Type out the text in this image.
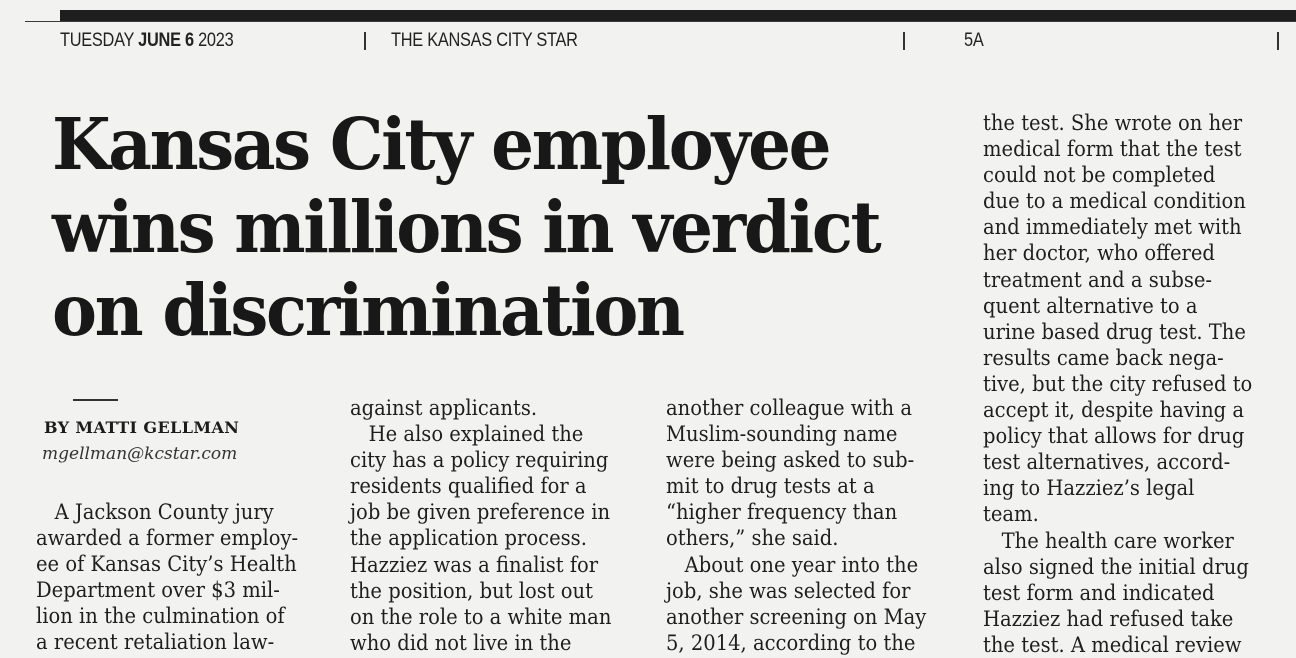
TUESDAY JUNE 6 2023	THE KANSAS CITY STAR	5A
Kansas City employee
wins millions in verdict
on discrimination
BY MATTI GELLMAN
mgellman@kcstar.com
A Jackson County jury
awarded a former employ-
ee of Kansas City’s Health
Department over $3 mil-
lion in the culmination of
a recent retaliation law-
against applicants.
He also explained the
city has a policy requiring
residents qualified for a
job be given preference in
the application process.
Hazziez was a finalist for
the position, but lost out
on the role to a white man
who did not live in the
another colleague with a
Muslim-sounding name
were being asked to sub-
mit to drug tests at a
“higher frequency than
others,” she said.
About one year into the
job, she was selected for
another screening on May
5, 2014, according to the
the test. She wrote on her
medical form that the test
could not be completed
due to a medical condition
and immediately met with
her doctor, who offered
treatment and a subse-
quent alternative to a
urine based drug test. The
results came back nega-
tive, but the city refused to
accept it, despite having a
policy that allows for drug
test alternatives, accord-
ing to Hazziez’s legal
team.
The health care worker
also signed the initial drug
test form and indicated
Hazziez had refused take
the test. A medical review
